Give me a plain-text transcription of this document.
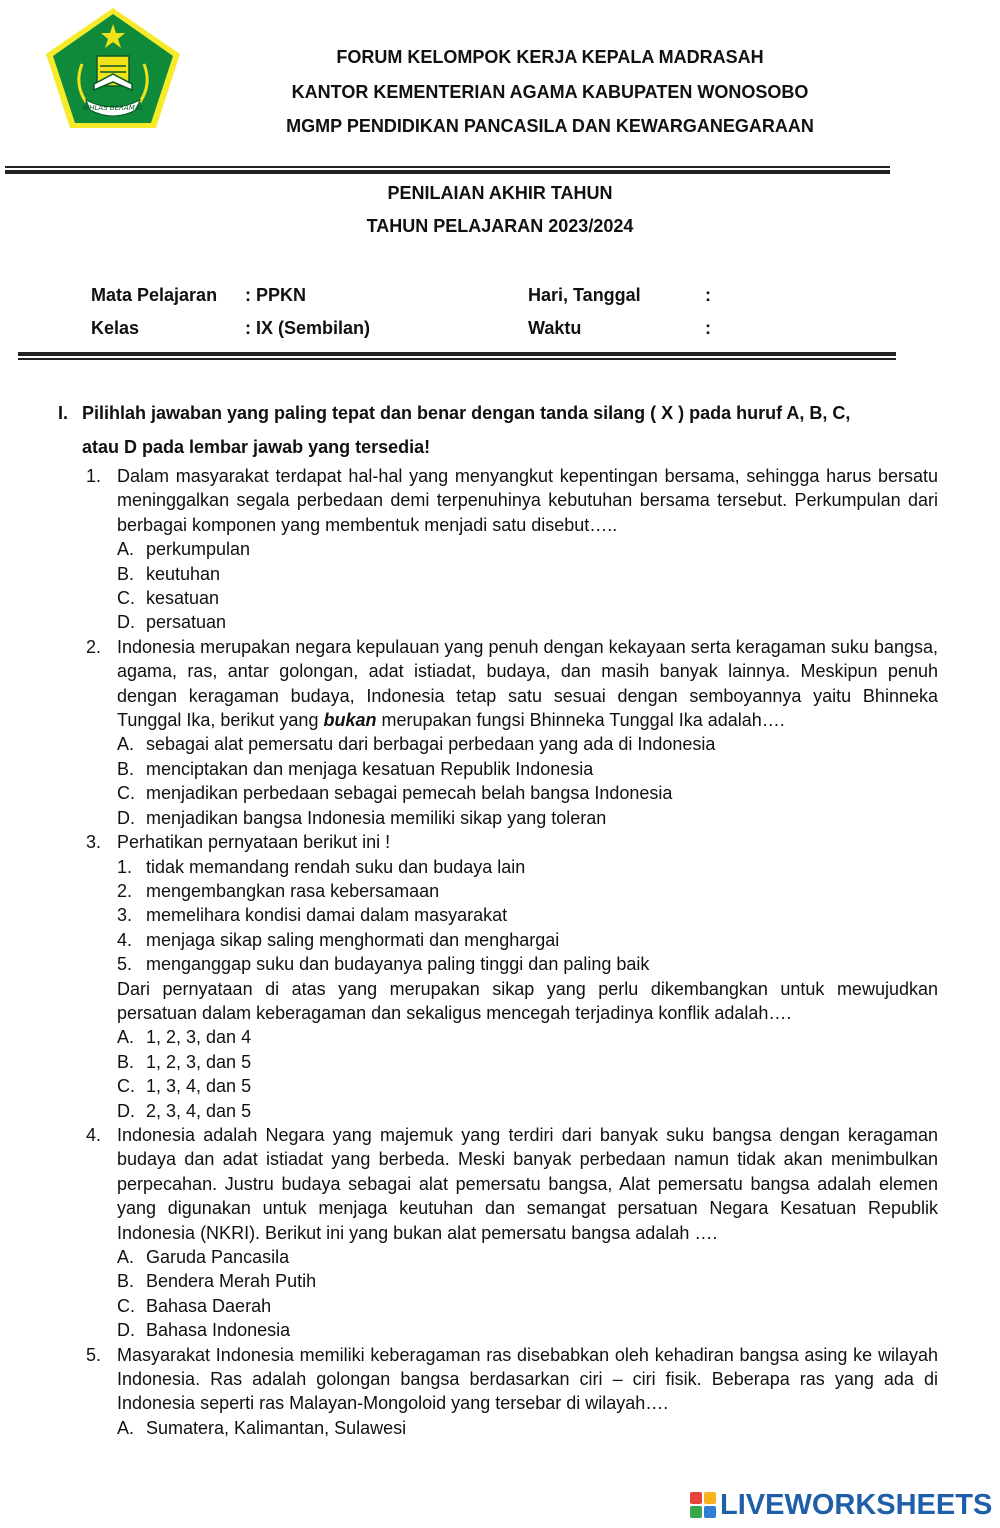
IKHLAS BERAMAL
FORUM KELOMPOK KERJA KEPALA MADRASAH
KANTOR KEMENTERIAN AGAMA KABUPATEN WONOSOBO
MGMP PENDIDIKAN PANCASILA DAN KEWARGANEGARAAN
PENILAIAN AKHIR TAHUN
TAHUN PELAJARAN 2023/2024
Mata Pelajaran : PPKN	Hari, Tanggal	:
Kelas	: IX (Sembilan)	Waktu	:
I. Pilihlah jawaban yang paling tepat dan benar dengan tanda silang ( X ) pada huruf A, B, C,
atau D pada lembar jawab yang tersedia!
1. Dalam masyarakat terdapat hal-hal yang menyangkut kepentingan bersama, sehingga harus bersatu meninggalkan segala perbedaan demi terpenuhinya kebutuhan bersama tersebut. Perkumpulan dari berbagai komponen yang membentuk menjadi satu disebut…..
A. perkumpulan
B. keutuhan
C. kesatuan
D. persatuan
2. Indonesia merupakan negara kepulauan yang penuh dengan kekayaan serta keragaman suku bangsa, agama, ras, antar golongan, adat istiadat, budaya, dan masih banyak lainnya. Meskipun penuh dengan keragaman budaya, Indonesia tetap satu sesuai dengan semboyannya yaitu Bhinneka Tunggal Ika, berikut yang bukan merupakan fungsi Bhinneka Tunggal Ika adalah….
A. sebagai alat pemersatu dari berbagai perbedaan yang ada di Indonesia
B. menciptakan dan menjaga kesatuan Republik Indonesia
C. menjadikan perbedaan sebagai pemecah belah bangsa Indonesia
D. menjadikan bangsa Indonesia memiliki sikap yang toleran
3. Perhatikan pernyataan berikut ini !
1. tidak memandang rendah suku dan budaya lain
2. mengembangkan rasa kebersamaan
3. memelihara kondisi damai dalam masyarakat
4. menjaga sikap saling menghormati dan menghargai
5. menganggap suku dan budayanya paling tinggi dan paling baik
Dari pernyataan di atas yang merupakan sikap yang perlu dikembangkan untuk mewujudkan persatuan dalam keberagaman dan sekaligus mencegah terjadinya konflik adalah….
A. 1, 2, 3, dan 4
B. 1, 2, 3, dan 5
C. 1, 3, 4, dan 5
D. 2, 3, 4, dan 5
4. Indonesia adalah Negara yang majemuk yang terdiri dari banyak suku bangsa dengan keragaman budaya dan adat istiadat yang berbeda. Meski banyak perbedaan namun tidak akan menimbulkan perpecahan. Justru budaya sebagai alat pemersatu bangsa, Alat pemersatu bangsa adalah elemen yang digunakan untuk menjaga keutuhan dan semangat persatuan Negara Kesatuan Republik Indonesia (NKRI). Berikut ini yang bukan alat pemersatu bangsa adalah ….
A. Garuda Pancasila
B. Bendera Merah Putih
C. Bahasa Daerah
D. Bahasa Indonesia
5. Masyarakat Indonesia memiliki keberagaman ras disebabkan oleh kehadiran bangsa asing ke wilayah Indonesia. Ras adalah golongan bangsa berdasarkan ciri – ciri fisik. Beberapa ras yang ada di Indonesia seperti ras Malayan-Mongoloid yang tersebar di wilayah….
A. Sumatera, Kalimantan, Sulawesi
LIVEWORKSHEETS
